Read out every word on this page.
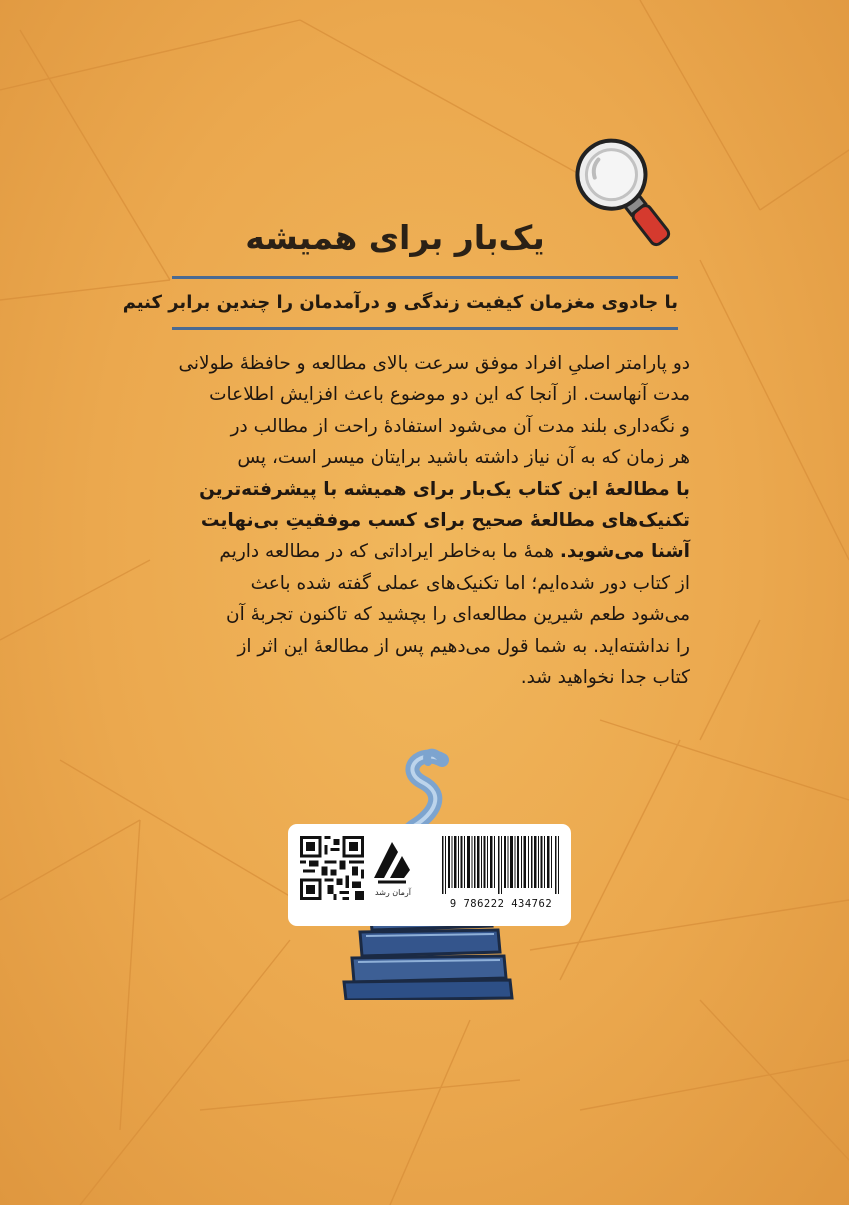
یک‌بار برای همیشه
با جادوی مغزمان کیفیت زندگی و درآمدمان را چندین برابر کنیم
دو پارامتر اصلیِ افراد موفق سرعت بالای مطالعه و حافظهٔ طولانی
مدت آنهاست. از آنجا که این دو موضوع باعث افزایش اطلاعات
و نگه‌داری بلند مدت آن می‌شود استفادهٔ راحت از مطالب در
هر زمان که به آن نیاز داشته باشید برایتان میسر است، پس
با مطالعهٔ این کتاب یک‌بار برای همیشه با پیشرفته‌ترین
تکنیک‌های مطالعهٔ صحیح برای کسب موفقیتِ بی‌نهایت
آشنا می‌شوید. همهٔ ما به‌خاطر ایراداتی که در مطالعه داریم
از کتاب دور شده‌ایم؛ اما تکنیک‌های عملی گفته شده باعث
می‌شود طعم شیرین مطالعه‌ای را بچشید که تاکنون تجربهٔ آن
را نداشته‌اید. به شما قول می‌دهیم پس از مطالعهٔ این اثر از
کتاب جدا نخواهید شد.
آرمان رشد
9 786222 434762
